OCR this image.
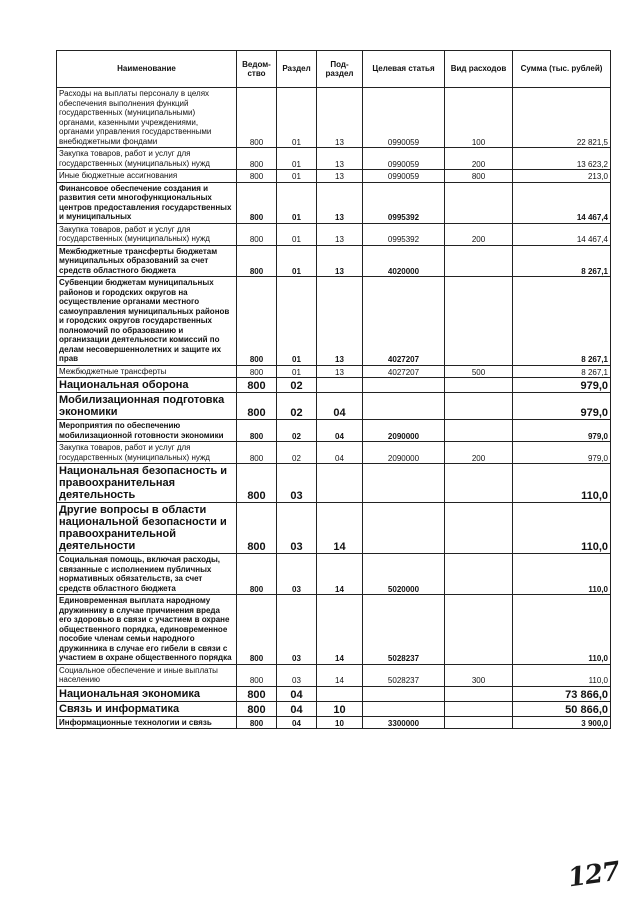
Наименование	Ведом-ство	Раздел	Под-раздел	Целевая статья	Вид расходов	Сумма (тыс. рублей)
Расходы на выплаты персоналу в целях обеспечения выполнения функций государственных (муниципальными) органами, казенными учреждениями, органами управления государственными внебюджетными фондами	800	01	13	0990059	100	22 821,5
Закупка товаров, работ и услуг для государственных (муниципальных) нужд	800	01	13	0990059	200	13 623,2
Иные бюджетные ассигнования	800	01	13	0990059	800	213,0
Финансовое обеспечение создания и развития сети многофункциональных центров предоставления государственных и муниципальных	800	01	13	0995392		14 467,4
Закупка товаров, работ и услуг для государственных (муниципальных) нужд	800	01	13	0995392	200	14 467,4
Межбюджетные трансферты бюджетам муниципальных образований за счет средств областного бюджета	800	01	13	4020000		8 267,1
Субвенции бюджетам муниципальных районов и городских округов на осуществление органами местного самоуправления муниципальных районов и городских округов государственных полномочий по образованию и организации деятельности комиссий по делам несовершеннолетних и защите их прав	800	01	13	4027207		8 267,1
Межбюджетные трансферты	800	01	13	4027207	500	8 267,1
Национальная оборона	800	02				979,0
Мобилизационная подготовка экономики	800	02	04			979,0
Мероприятия по обеспечению мобилизационной готовности экономики	800	02	04	2090000		979,0
Закупка товаров, работ и услуг для государственных (муниципальных) нужд	800	02	04	2090000	200	979,0
Национальная безопасность и правоохранительная деятельность	800	03				110,0
Другие вопросы в области национальной безопасности и правоохранительной деятельности	800	03	14			110,0
Социальная помощь, включая расходы, связанные с исполнением публичных нормативных обязательств, за счет средств областного бюджета	800	03	14	5020000		110,0
Единовременная выплата народному дружиннику в случае причинения вреда его здоровью в связи с участием в охране общественного порядка, единовременное пособие членам семьи народного дружинника в случае его гибели в связи с участием в охране общественного порядка	800	03	14	5028237		110,0
Социальное обеспечение и иные выплаты населению	800	03	14	5028237	300	110,0
Национальная экономика	800	04				73 866,0
Связь и информатика	800	04	10			50 866,0
Информационные технологии и связь	800	04	10	3300000		3 900,0
127
